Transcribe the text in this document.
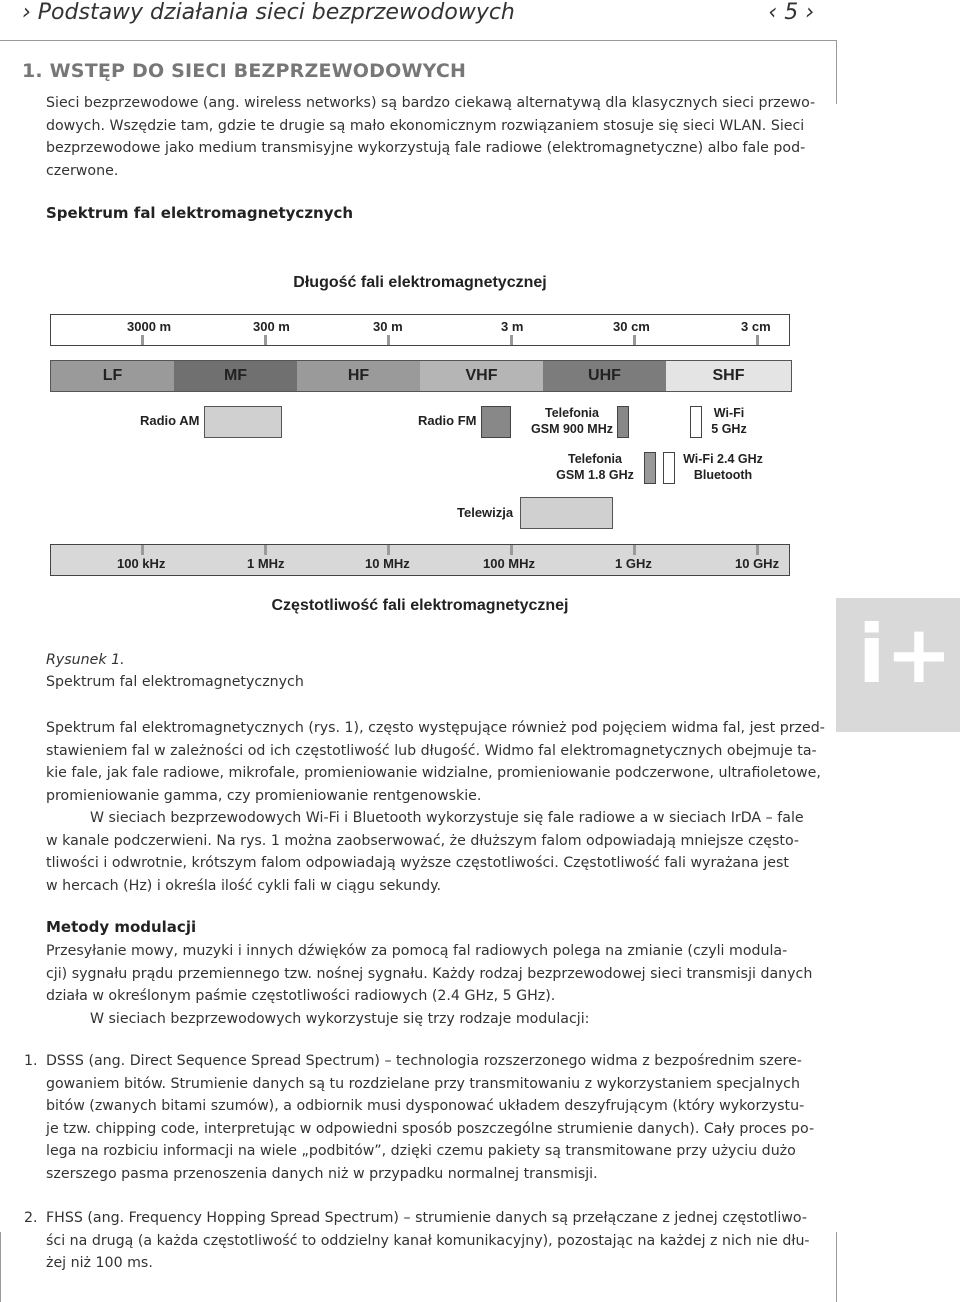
› Podstawy działania sieci bezprzewodowych	‹ 5 ›
1. WSTĘP DO SIECI BEZPRZEWODOWYCH
Sieci bezprzewodowe (ang. wireless networks) są bardzo ciekawą alternatywą dla klasycznych sieci przewo-
dowych. Wszędzie tam, gdzie te drugie są mało ekonomicznym rozwiązaniem stosuje się sieci WLAN. Sieci
bezprzewodowe jako medium transmisyjne wykorzystują fale radiowe (elektromagnetyczne) albo fale pod-
czerwone.
Spektrum fal elektromagnetycznych
Długość fali elektromagnetycznej
3000 m	300 m	30 m	3 m	30 cm	3 cm
LF	MF	HF	VHF	UHF	SHF
Radio AM	Radio FM	Telefonia
GSM 900 MHz
Wi-Fi
5 GHz
Telefonia
GSM 1.8 GHz
Wi-Fi 2.4 GHz
Bluetooth
Telewizja
100 kHz	1 MHz	10 MHz	100 MHz	1 GHz	10 GHz
Częstotliwość fali elektromagnetycznej
Rysunek 1.
Spektrum fal elektromagnetycznych	i+
Spektrum fal elektromagnetycznych (rys. 1), często występujące również pod pojęciem widma fal, jest przed-
stawieniem fal w zależności od ich częstotliwość lub długość. Widmo fal elektromagnetycznych obejmuje ta-
kie fale, jak fale radiowe, mikrofale, promieniowanie widzialne, promieniowanie podczerwone, ultrafioletowe,
promieniowanie gamma, czy promieniowanie rentgenowskie.
W sieciach bezprzewodowych Wi-Fi i Bluetooth wykorzystuje się fale radiowe a w sieciach IrDA – fale
w kanale podczerwieni. Na rys. 1 można zaobserwować, że dłuższym falom odpowiadają mniejsze często-
tliwości i odwrotnie, krótszym falom odpowiadają wyższe częstotliwości. Częstotliwość fali wyrażana jest
w hercach (Hz) i określa ilość cykli fali w ciągu sekundy.
Metody modulacji
Przesyłanie mowy, muzyki i innych dźwięków za pomocą fal radiowych polega na zmianie (czyli modula-
cji) sygnału prądu przemiennego tzw. nośnej sygnału. Każdy rodzaj bezprzewodowej sieci transmisji danych
działa w określonym paśmie częstotliwości radiowych (2.4 GHz, 5 GHz).
W sieciach bezprzewodowych wykorzystuje się trzy rodzaje modulacji:
1. DSSS (ang. Direct Sequence Spread Spectrum) – technologia rozszerzonego widma z bezpośrednim szere-
gowaniem bitów. Strumienie danych są tu rozdzielane przy transmitowaniu z wykorzystaniem specjalnych
bitów (zwanych bitami szumów), a odbiornik musi dysponować układem deszyfrującym (który wykorzystu-
je tzw. chipping code, interpretując w odpowiedni sposób poszczególne strumienie danych). Cały proces po-
lega na rozbiciu informacji na wiele „podbitów”, dzięki czemu pakiety są transmitowane przy użyciu dużo
szerszego pasma przenoszenia danych niż w przypadku normalnej transmisji.
2. FHSS (ang. Frequency Hopping Spread Spectrum) – strumienie danych są przełączane z jednej częstotliwo-
ści na drugą (a każda częstotliwość to oddzielny kanał komunikacyjny), pozostając na każdej z nich nie dłu-
żej niż 100 ms.
